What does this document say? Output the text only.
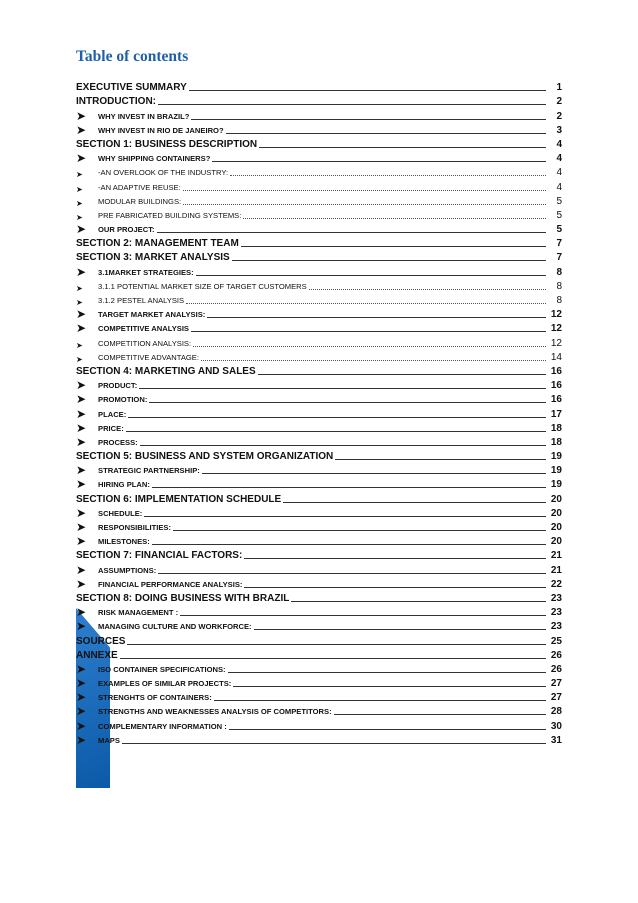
Table of contents
EXECUTIVE SUMMARY	1
INTRODUCTION:	2
➤	WHY INVEST IN BRAZIL?	2
➤	WHY INVEST IN RIO DE JANEIRO?	3
SECTION 1: BUSINESS DESCRIPTION	4
➤	WHY SHIPPING CONTAINERS?	4
➤	-AN OVERLOOK OF THE INDUSTRY:	4
➤	-AN ADAPTIVE REUSE:	4
➤	MODULAR BUILDINGS:	5
➤	PRE FABRICATED BUILDING SYSTEMS:	5
➤	OUR PROJECT:	5
SECTION 2: MANAGEMENT TEAM	7
SECTION 3: MARKET ANALYSIS	7
➤	3.1MARKET STRATEGIES:	8
➤	3.1.1 POTENTIAL MARKET SIZE OF TARGET CUSTOMERS	8
➤	3.1.2 PESTEL ANALYSIS	8
➤	TARGET MARKET ANALYSIS:	12
➤	COMPETITIVE ANALYSIS	12
➤	COMPETITION ANALYSIS:	12
➤	COMPETITIVE ADVANTAGE:	14
SECTION 4: MARKETING AND SALES	16
➤	PRODUCT:	16
➤	PROMOTION:	16
➤	PLACE:	17
➤	PRICE:	18
➤	PROCESS:	18
SECTION 5: BUSINESS AND SYSTEM ORGANIZATION	19
➤	STRATEGIC PARTNERSHIP:	19
➤	HIRING PLAN:	19
SECTION 6: IMPLEMENTATION SCHEDULE	20
➤	SCHEDULE:	20
➤	RESPONSIBILITIES:	20
➤	MILESTONES:	20
SECTION 7: FINANCIAL FACTORS:	21
➤	ASSUMPTIONS:	21
➤	FINANCIAL PERFORMANCE ANALYSIS:	22
SECTION 8: DOING BUSINESS WITH BRAZIL	23
➤	RISK MANAGEMENT :	23
➤	MANAGING CULTURE AND WORKFORCE:	23
SOURCES	25
ANNEXE	26
➤	ISO CONTAINER SPECIFICATIONS:	26
➤	EXAMPLES OF SIMILAR PROJECTS:	27
➤	STRENGHTS OF CONTAINERS:	27
➤	STRENGTHS AND WEAKNESSES ANALYSIS OF COMPETITORS:	28
➤	COMPLEMENTARY INFORMATION :	30
➤	MAPS	31
